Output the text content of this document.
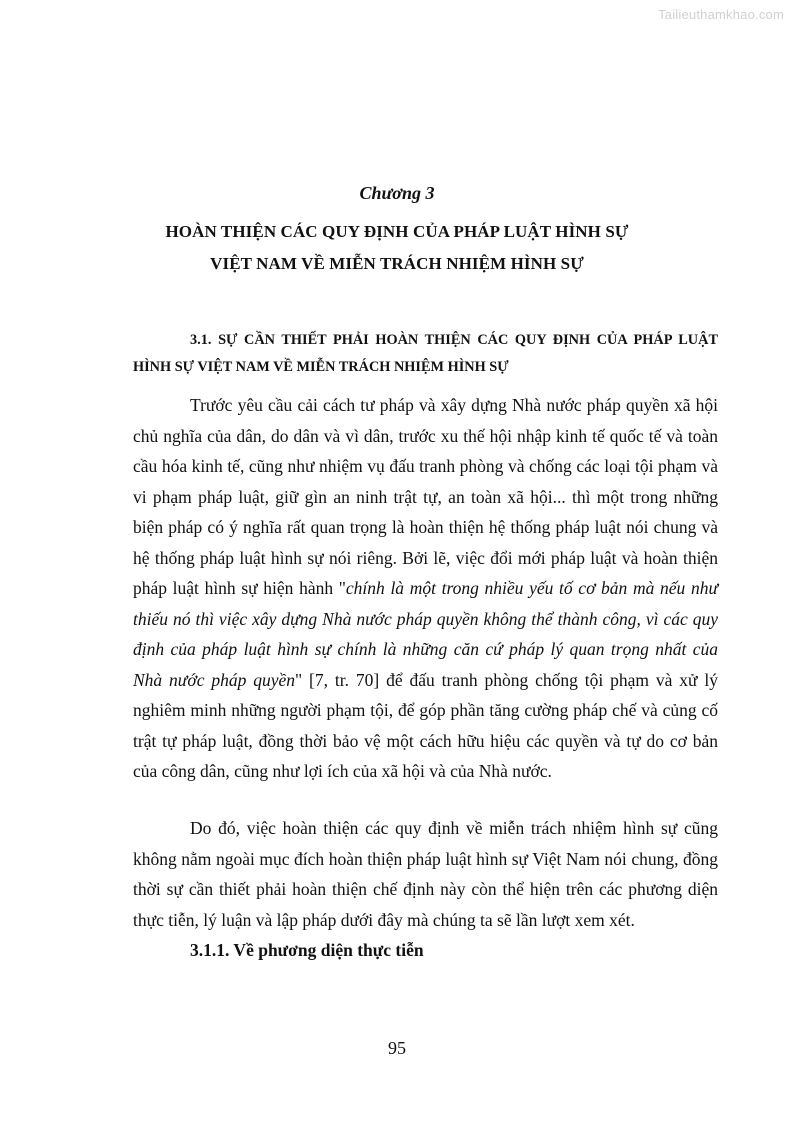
Tailieuthamkhao.com
Chương 3
HOÀN THIỆN CÁC QUY ĐỊNH CỦA PHÁP LUẬT HÌNH SỰ
VIỆT NAM VỀ MIỄN TRÁCH NHIỆM HÌNH SỰ
3.1. SỰ CẦN THIẾT PHẢI HOÀN THIỆN CÁC QUY ĐỊNH CỦA PHÁP LUẬT HÌNH SỰ VIỆT NAM VỀ MIỄN TRÁCH NHIỆM HÌNH SỰ
Trước yêu cầu cải cách tư pháp và xây dựng Nhà nước pháp quyền xã hội chủ nghĩa của dân, do dân và vì dân, trước xu thế hội nhập kinh tế quốc tế và toàn cầu hóa kinh tế, cũng như nhiệm vụ đấu tranh phòng và chống các loại tội phạm và vi phạm pháp luật, giữ gìn an ninh trật tự, an toàn xã hội... thì một trong những biện pháp có ý nghĩa rất quan trọng là hoàn thiện hệ thống pháp luật nói chung và hệ thống pháp luật hình sự nói riêng. Bởi lẽ, việc đổi mới pháp luật và hoàn thiện pháp luật hình sự hiện hành "chính là một trong nhiều yếu tố cơ bản mà nếu như thiếu nó thì việc xây dựng Nhà nước pháp quyền không thể thành công, vì các quy định của pháp luật hình sự chính là những căn cứ pháp lý quan trọng nhất của Nhà nước pháp quyền" [7, tr. 70] để đấu tranh phòng chống tội phạm và xử lý nghiêm minh những người phạm tội, để góp phần tăng cường pháp chế và củng cố trật tự pháp luật, đồng thời bảo vệ một cách hữu hiệu các quyền và tự do cơ bản của công dân, cũng như lợi ích của xã hội và của Nhà nước.
Do đó, việc hoàn thiện các quy định về miễn trách nhiệm hình sự cũng không nằm ngoài mục đích hoàn thiện pháp luật hình sự Việt Nam nói chung, đồng thời sự cần thiết phải hoàn thiện chế định này còn thể hiện trên các phương diện thực tiễn, lý luận và lập pháp dưới đây mà chúng ta sẽ lần lượt xem xét.
3.1.1. Về phương diện thực tiễn
95
